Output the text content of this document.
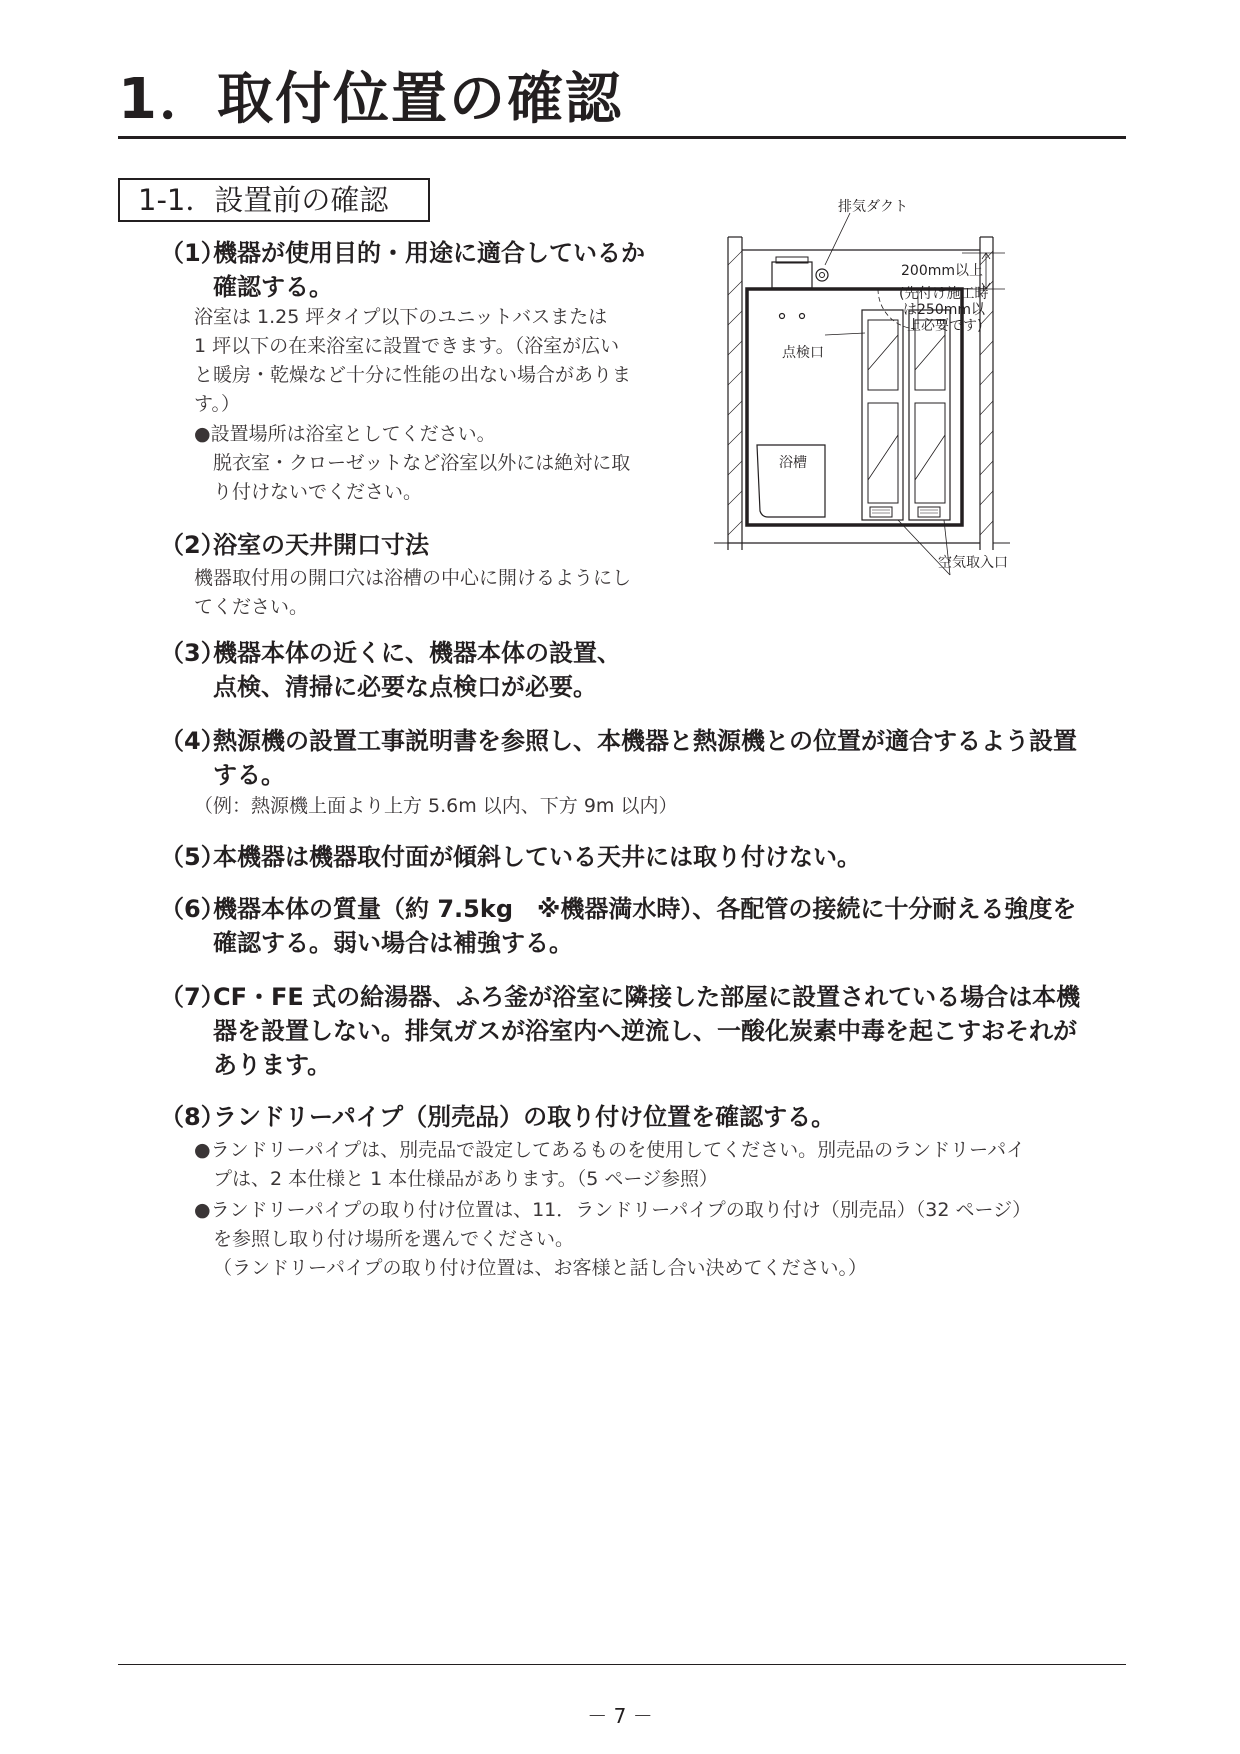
1．取付位置の確認
1-1．設置前の確認
（1）
機器が使用目的・用途に適合しているか
確認する。
浴室は 1.25 坪タイプ以下のユニットバスまたは
1 坪以下の在来浴室に設置できます。（浴室が広い
と暖房・乾燥など十分に性能の出ない場合がありま
す。）
●設置場所は浴室としてください。
脱衣室・クローゼットなど浴室以外には絶対に取
り付けないでください。
（2）
浴室の天井開口寸法
機器取付用の開口穴は浴槽の中心に開けるようにし
てください。
（3）
機器本体の近くに、機器本体の設置、
点検、清掃に必要な点検口が必要。
（4）
熱源機の設置工事説明書を参照し、本機器と熱源機との位置が適合するよう設置
する。
（例：熱源機上面より上方 5.6m 以内、下方 9m 以内）
（5）
本機器は機器取付面が傾斜している天井には取り付けない。
（6）
機器本体の質量（約 7.5kg　※機器満水時）、各配管の接続に十分耐える強度を
確認する。弱い場合は補強する。
（7）
CF・FE 式の給湯器、ふろ釜が浴室に隣接した部屋に設置されている場合は本機
器を設置しない。排気ガスが浴室内へ逆流し、一酸化炭素中毒を起こすおそれが
あります。
（8）
ランドリーパイプ（別売品）の取り付け位置を確認する。
●ランドリーパイプは、別売品で設定してあるものを使用してください。別売品のランドリーパイ
プは、2 本仕様と 1 本仕様品があります。（5 ページ参照）
●ランドリーパイプの取り付け位置は、11．ランドリーパイプの取り付け（別売品）（32 ページ）
を参照し取り付け場所を選んでください。
（ランドリーパイプの取り付け位置は、お客様と話し合い決めてください。）
排気ダクト
200mm以上
(先付け施工時
は250mm以
上必要です)
点検口
浴槽
空気取入口
－ 7 －
